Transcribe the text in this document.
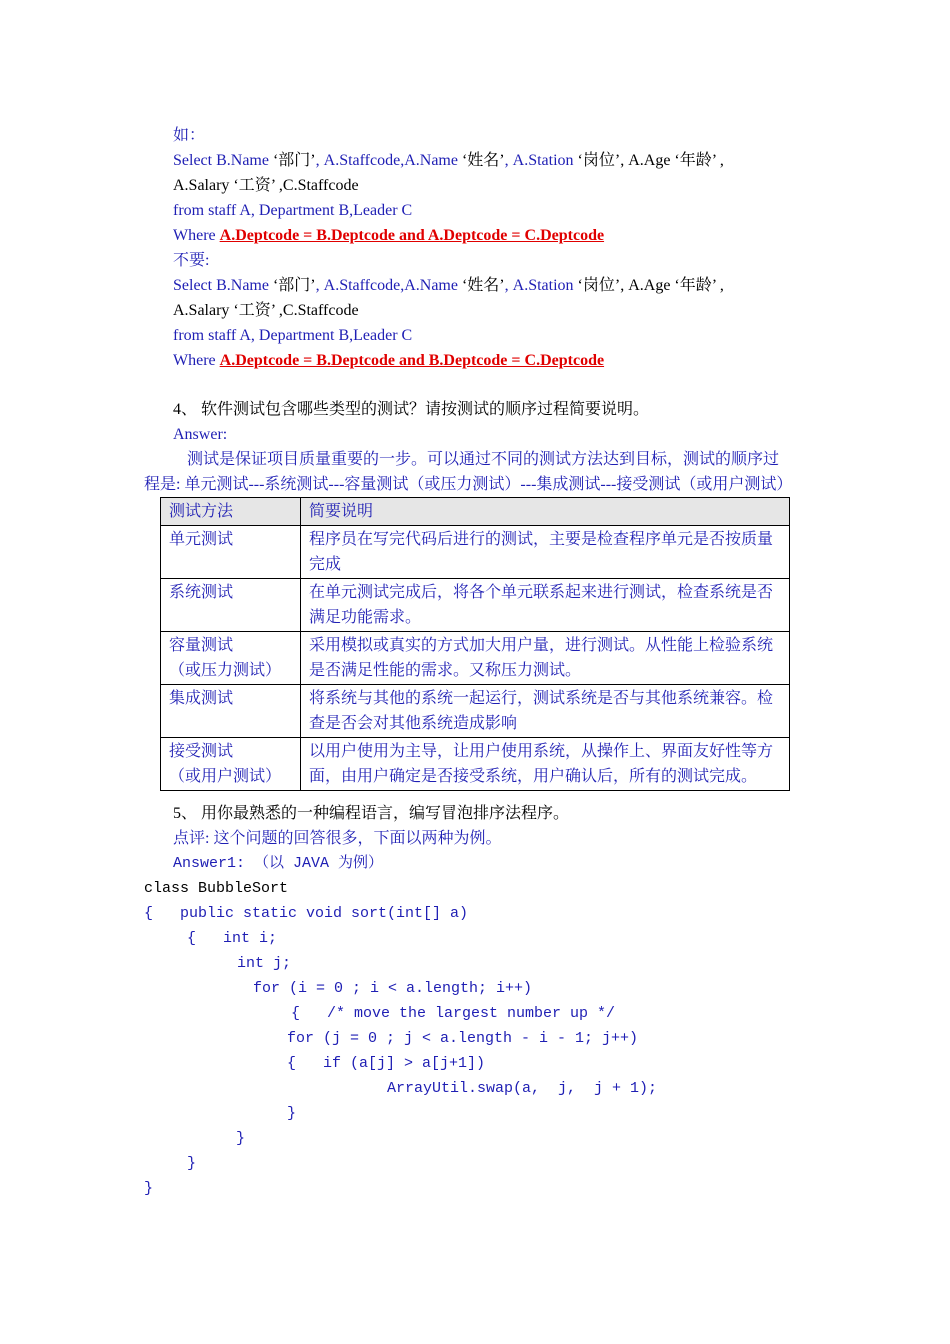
如：
Select B.Name ‘部门’, A.Staffcode,A.Name ‘姓名’, A.Station ‘岗位’, A.Age ‘年龄’ ,
A.Salary ‘工资’ ,C.Staffcode
from staff A, Department B,Leader C
Where A.Deptcode = B.Deptcode and A.Deptcode = C.Deptcode
不要:
Select B.Name ‘部门’, A.Staffcode,A.Name ‘姓名’, A.Station ‘岗位’, A.Age ‘年龄’ ,
A.Salary ‘工资’ ,C.Staffcode
from staff A, Department B,Leader C
Where A.Deptcode = B.Deptcode and B.Deptcode = C.Deptcode
4、 软件测试包含哪些类型的测试？请按测试的顺序过程简要说明。
Answer:
测试是保证项目质量重要的一步。可以通过不同的测试方法达到目标，测试的顺序过
程是: 单元测试---系统测试---容量测试（或压力测试）---集成测试---接受测试（或用户测试）
测试方法	简要说明

单元测试	程序员在写完代码后进行的测试，主要是检查程序单元是否按质量完成

系统测试	在单元测试完成后，将各个单元联系起来进行测试，检查系统是否满足功能需求。

容量测试
（或压力测试）	采用模拟或真实的方式加大用户量，进行测试。从性能上检验系统是否满足性能的需求。又称压力测试。

集成测试	将系统与其他的系统一起运行，测试系统是否与其他系统兼容。检查是否会对其他系统造成影响

接受测试
（或用户测试）	以用户使用为主导，让用户使用系统，从操作上、界面友好性等方面，由用户确定是否接受系统，用户确认后，所有的测试完成。
5、 用你最熟悉的一种编程语言，编写冒泡排序法程序。
点评: 这个问题的回答很多，下面以两种为例。
Answer1: （以 JAVA 为例）
class BubbleSort
{   public static void sort(int[] a)
{   int i;
int j;
for (i = 0 ; i < a.length; i++)
{   /* move the largest number up */
for (j = 0 ; j < a.length - i - 1; j++)
{   if (a[j] > a[j+1])
ArrayUtil.swap(a,  j,  j + 1);
}
}
}
}
